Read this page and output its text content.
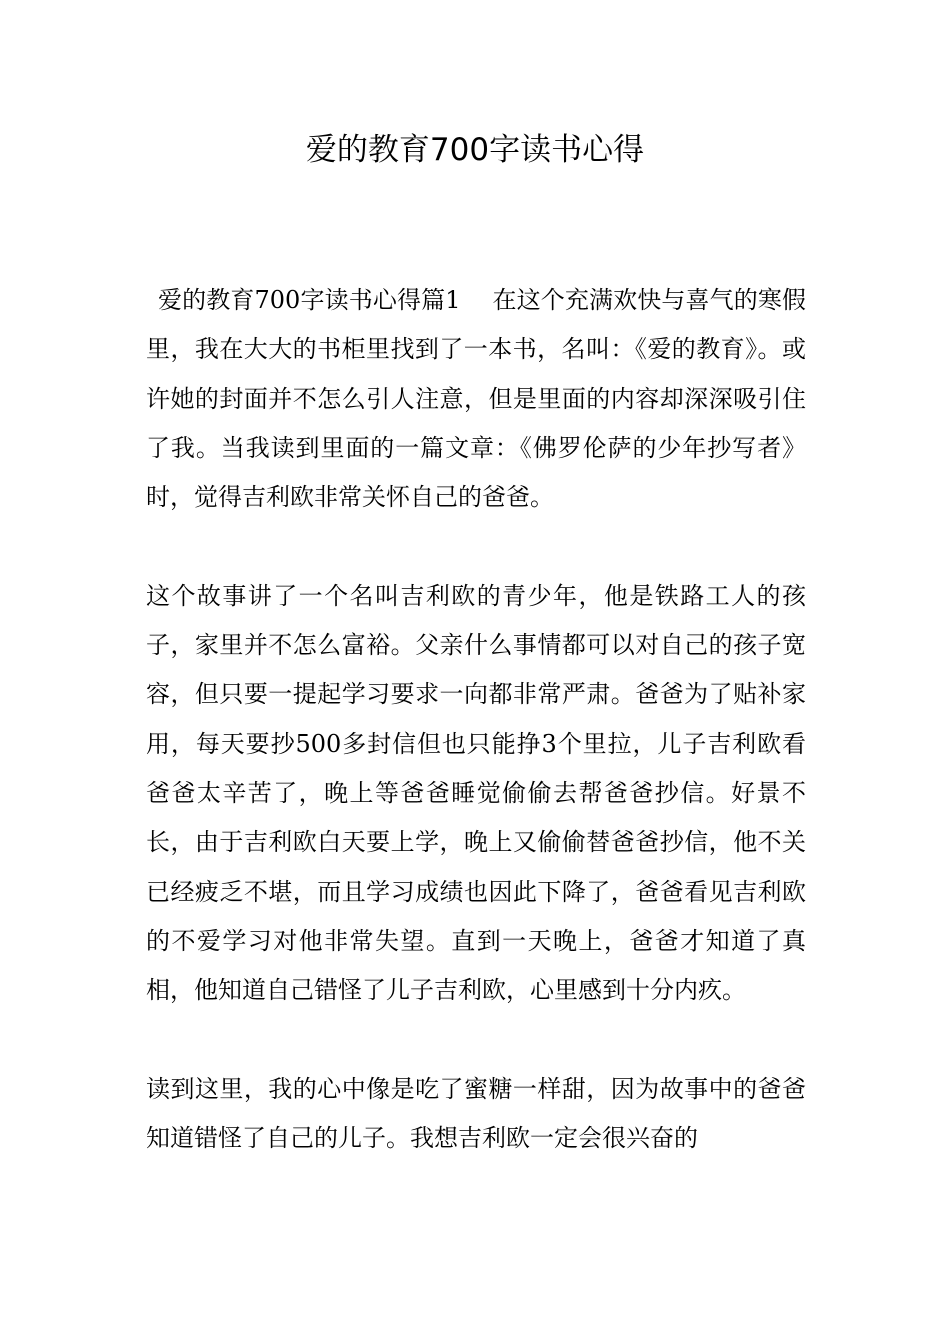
爱的教育700字读书心得

爱的教育700字读书心得篇1　 在这个充满欢快与喜气的寒假里，我在大大的书柜里找到了一本书，名叫：《爱的教育》。或许她的封面并不怎么引人注意，但是里面的内容却深深吸引住了我。当我读到里面的一篇文章：《佛罗伦萨的少年抄写者》时，觉得吉利欧非常关怀自己的爸爸。

这个故事讲了一个名叫吉利欧的青少年，他是铁路工人的孩子，家里并不怎么富裕。父亲什么事情都可以对自己的孩子宽容，但只要一提起学习要求一向都非常严肃。爸爸为了贴补家用，每天要抄500多封信但也只能挣3个里拉，儿子吉利欧看爸爸太辛苦了，晚上等爸爸睡觉偷偷去帮爸爸抄信。好景不长，由于吉利欧白天要上学，晚上又偷偷替爸爸抄信，他不关已经疲乏不堪，而且学习成绩也因此下降了，爸爸看见吉利欧的不爱学习对他非常失望。直到一天晚上，爸爸才知道了真相，他知道自己错怪了儿子吉利欧，心里感到十分内疚。

读到这里，我的心中像是吃了蜜糖一样甜，因为故事中的爸爸知道错怪了自己的儿子。我想吉利欧一定会很兴奋的
